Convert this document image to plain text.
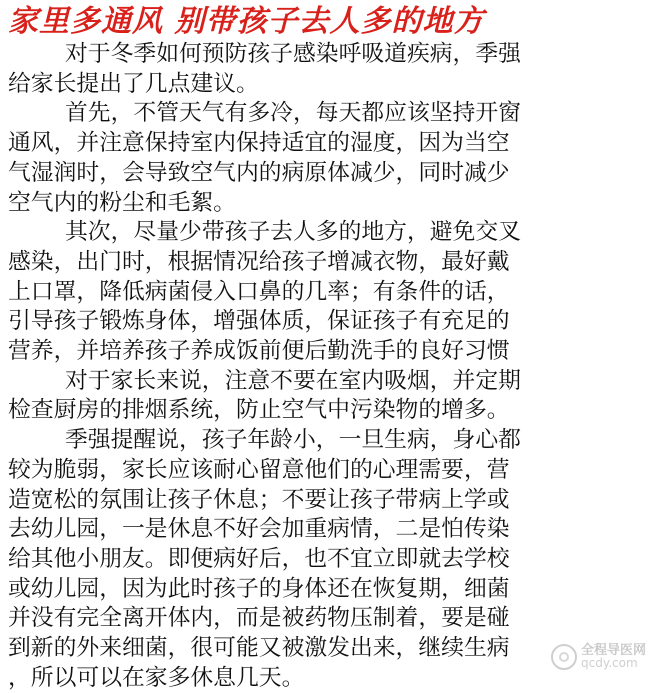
家里多通风 别带孩子去人多的地方
对于冬季如何预防孩子感染呼吸道疾病，季强
给家长提出了几点建议。
首先，不管天气有多冷，每天都应该坚持开窗
通风，并注意保持室内保持适宜的湿度，因为当空
气湿润时，会导致空气内的病原体减少，同时减少
空气内的粉尘和毛絮。
其次，尽量少带孩子去人多的地方，避免交叉
感染，出门时，根据情况给孩子增减衣物，最好戴
上口罩，降低病菌侵入口鼻的几率；有条件的话，
引导孩子锻炼身体，增强体质，保证孩子有充足的
营养，并培养孩子养成饭前便后勤洗手的良好习惯
对于家长来说，注意不要在室内吸烟，并定期
检查厨房的排烟系统，防止空气中污染物的增多。
季强提醒说，孩子年龄小，一旦生病，身心都
较为脆弱，家长应该耐心留意他们的心理需要，营
造宽松的氛围让孩子休息；不要让孩子带病上学或
去幼儿园，一是休息不好会加重病情，二是怕传染
给其他小朋友。即便病好后，也不宜立即就去学校
或幼儿园，因为此时孩子的身体还在恢复期，细菌
并没有完全离开体内，而是被药物压制着，要是碰
到新的外来细菌，很可能又被激发出来，继续生病
，所以可以在家多休息几天。
全程导医网
qcdy.com
